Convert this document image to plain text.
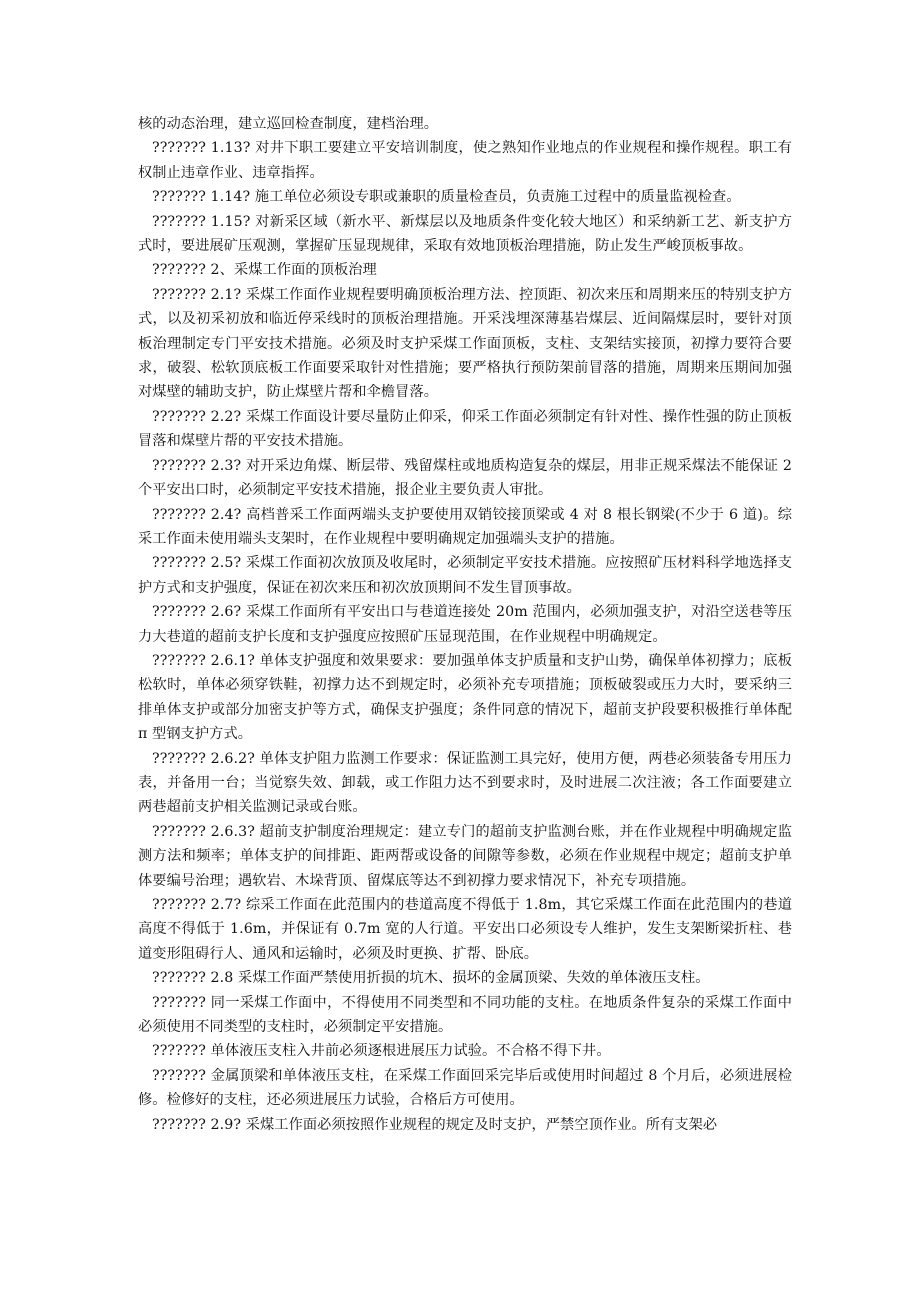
核的动态治理，建立巡回检查制度，建档治理。

??????? 1.13? 对井下职工要建立平安培训制度，使之熟知作业地点的作业规程和操作规程。职工有权制止违章作业、违章指挥。

??????? 1.14? 施工单位必须设专职或兼职的质量检查员，负责施工过程中的质量监视检查。

??????? 1.15? 对新采区域（新水平、新煤层以及地质条件变化较大地区）和采纳新工艺、新支护方式时，要进展矿压观测，掌握矿压显现规律，采取有效地顶板治理措施，防止发生严峻顶板事故。

??????? 2、采煤工作面的顶板治理

??????? 2.1? 采煤工作面作业规程要明确顶板治理方法、控顶距、初次来压和周期来压的特别支护方式，以及初采初放和临近停采线时的顶板治理措施。开采浅埋深薄基岩煤层、近间隔煤层时，要针对顶板治理制定专门平安技术措施。必须及时支护采煤工作面顶板，支柱、支架结实接顶，初撑力要符合要求，破裂、松软顶底板工作面要采取针对性措施；要严格执行预防架前冒落的措施，周期来压期间加强对煤壁的辅助支护，防止煤壁片帮和伞檐冒落。

??????? 2.2? 采煤工作面设计要尽量防止仰采，仰采工作面必须制定有针对性、操作性强的防止顶板冒落和煤壁片帮的平安技术措施。

??????? 2.3? 对开采边角煤、断层带、残留煤柱或地质构造复杂的煤层，用非正规采煤法不能保证 2 个平安出口时，必须制定平安技术措施，报企业主要负责人审批。

??????? 2.4? 高档普采工作面两端头支护要使用双销铰接顶梁或 4 对 8 根长钢梁(不少于 6 道)。综采工作面未使用端头支架时，在作业规程中要明确规定加强端头支护的措施。

??????? 2.5? 采煤工作面初次放顶及收尾时，必须制定平安技术措施。应按照矿压材料科学地选择支护方式和支护强度，保证在初次来压和初次放顶期间不发生冒顶事故。

??????? 2.6? 采煤工作面所有平安出口与巷道连接处 20m 范围内，必须加强支护，对沿空送巷等压力大巷道的超前支护长度和支护强度应按照矿压显现范围，在作业规程中明确规定。

??????? 2.6.1? 单体支护强度和效果要求：要加强单体支护质量和支护山势，确保单体初撑力；底板松软时，单体必须穿铁鞋，初撑力达不到规定时，必须补充专项措施；顶板破裂或压力大时，要采纳三排单体支护或部分加密支护等方式，确保支护强度；条件同意的情况下，超前支护段要积极推行单体配 π 型钢支护方式。

??????? 2.6.2? 单体支护阻力监测工作要求：保证监测工具完好，使用方便，两巷必须装备专用压力表，并备用一台；当觉察失效、卸载，或工作阻力达不到要求时，及时进展二次注液；各工作面要建立两巷超前支护相关监测记录或台账。

??????? 2.6.3? 超前支护制度治理规定：建立专门的超前支护监测台账，并在作业规程中明确规定监测方法和频率；单体支护的间排距、距两帮或设备的间隙等参数，必须在作业规程中规定；超前支护单体要编号治理；遇软岩、木垛背顶、留煤底等达不到初撑力要求情况下，补充专项措施。

??????? 2.7? 综采工作面在此范围内的巷道高度不得低于 1.8m，其它采煤工作面在此范围内的巷道高度不得低于 1.6m，并保证有 0.7m 宽的人行道。平安出口必须设专人维护，发生支架断梁折柱、巷道变形阻碍行人、通风和运输时，必须及时更换、扩帮、卧底。

??????? 2.8 采煤工作面严禁使用折损的坑木、损坏的金属顶梁、失效的单体液压支柱。

??????? 同一采煤工作面中，不得使用不同类型和不同功能的支柱。在地质条件复杂的采煤工作面中必须使用不同类型的支柱时，必须制定平安措施。

??????? 单体液压支柱入井前必须逐根进展压力试验。不合格不得下井。

??????? 金属顶梁和单体液压支柱，在采煤工作面回采完毕后或使用时间超过 8 个月后，必须进展检修。检修好的支柱，还必须进展压力试验，合格后方可使用。

??????? 2.9? 采煤工作面必须按照作业规程的规定及时支护，严禁空顶作业。所有支架必
